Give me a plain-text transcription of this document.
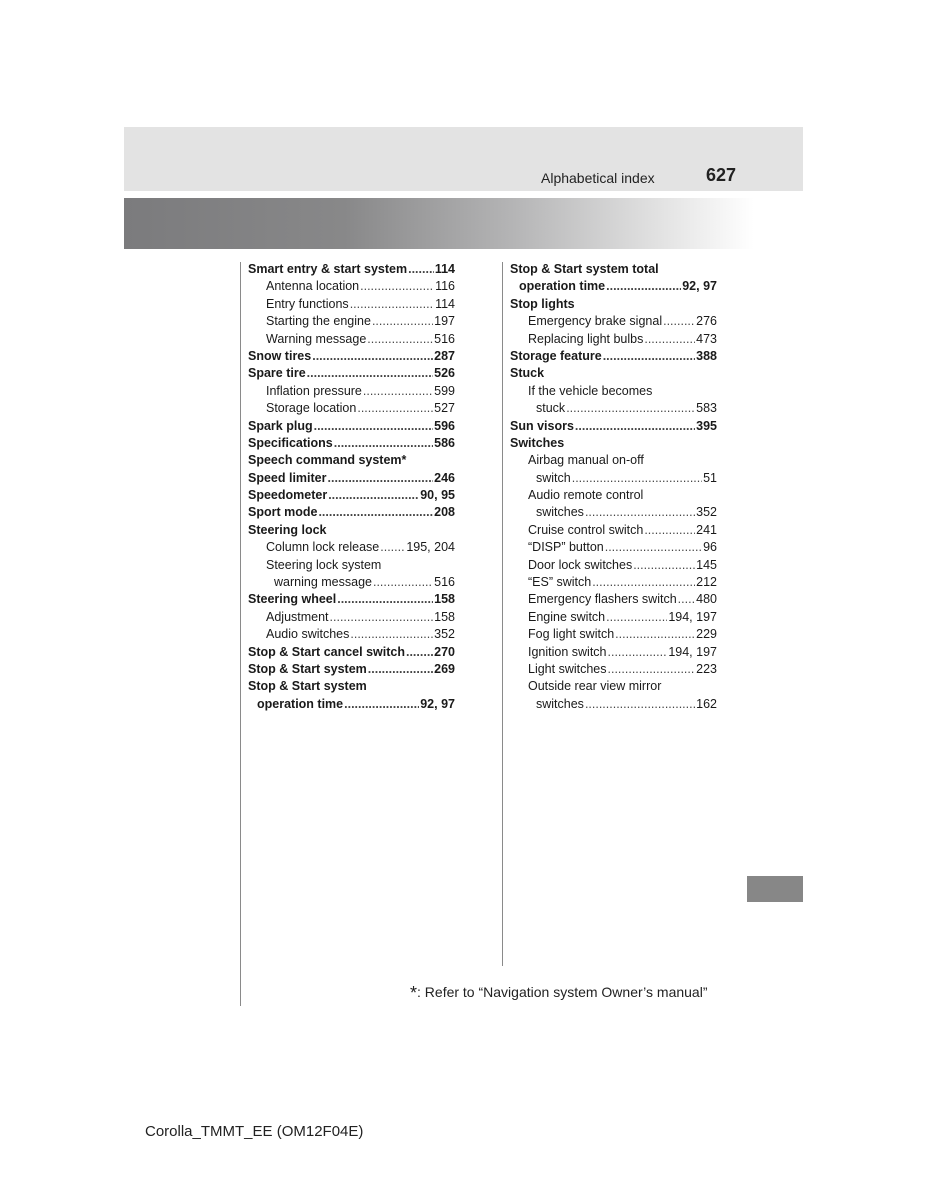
Alphabetical index	627
Smart entry & start system ..... 114
Antenna location .....	116
Entry functions .....	114
Starting the engine .....	197
Warning message .....	516
Snow tires .....	287
Spare tire .....	526
Inflation pressure .....	599
Storage location .....	527
Spark plug .....	596
Specifications .....	586
Speech command system*
Speed limiter .....	246
Speedometer .....	90, 95
Sport mode .....	208
Steering lock
Column lock release ..... 195, 204
Steering lock system
warning message .....	516
Steering wheel .....	158
Adjustment .....	158
Audio switches .....	352
Stop & Start cancel switch ..... 270
Stop & Start system .....	269
Stop & Start system
operation time .....	92, 97
Stop & Start system total
operation time .....	92, 97
Stop lights
Emergency brake signal .....	276
Replacing light bulbs .....	473
Storage feature .....	388
Stuck
If the vehicle becomes
stuck .....	583
Sun visors .....	395
Switches
Airbag manual on-off
switch .....	51
Audio remote control
switches .....	352
Cruise control switch .....	241
“DISP” button .....	96
Door lock switches .....	145
“ES” switch .....	212
Emergency flashers switch ..... 480
Engine switch .....	194, 197
Fog light switch .....	229
Ignition switch .....	194, 197
Light switches .....	223
Outside rear view mirror
switches .....	162
*: Refer to “Navigation system Owner’s manual”
Corolla_TMMT_EE (OM12F04E)
